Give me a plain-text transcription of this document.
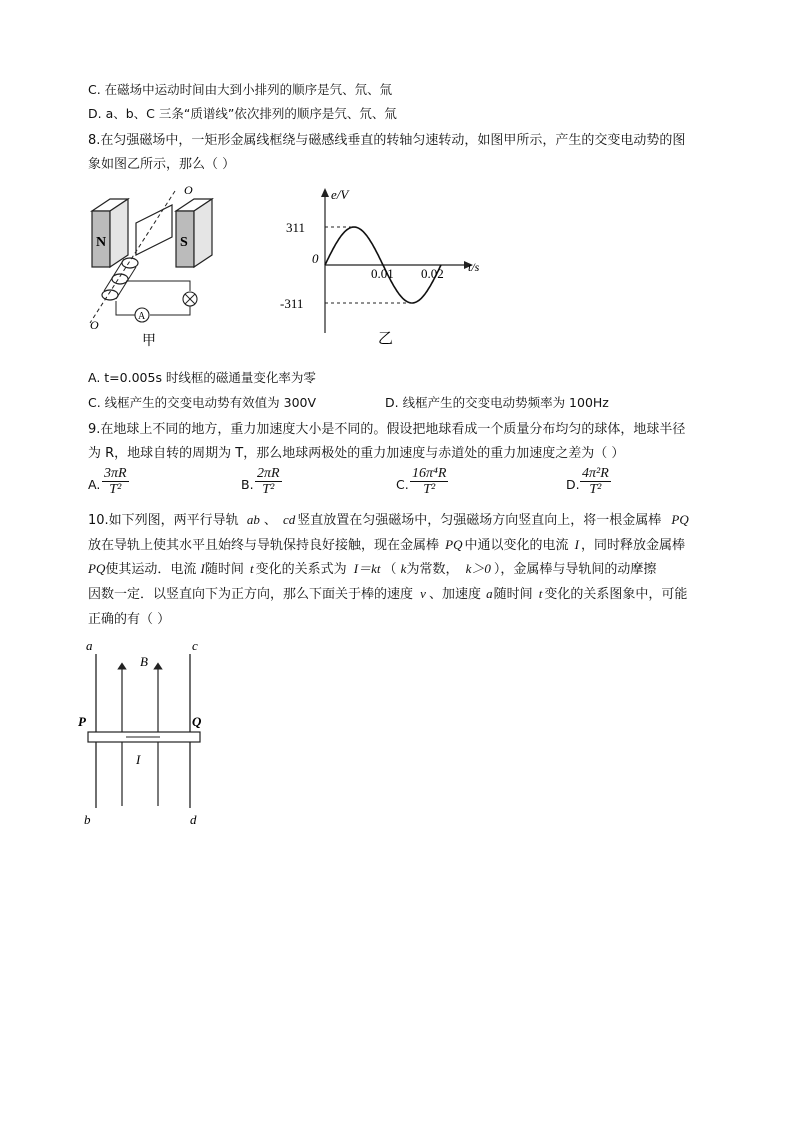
C. 在磁场中运动时间由大到小排列的顺序是氕、氘、氚
D. a、b、C 三条“质谱线”依次排列的顺序是氕、氘、氚
8.在匀强磁场中，一矩形金属线框绕与磁感线垂直的转轴匀速转动，如图甲所示，产生的交变电动势的图
象如图乙所示，那么（ ）
N	S
O
O
A
甲
e/V
311
-311
0
0.01 0.02 t/s
乙
A. t=0.005s 时线框的磁通量变化率为零
C. 线框产生的交变电动势有效值为 300V	D. 线框产生的交变电动势频率为 100Hz
9.在地球上不同的地方，重力加速度大小是不同的。假设把地球看成一个质量分布均匀的球体，地球半径
为 R，地球自转的周期为 T，那么地球两极处的重力加速度与赤道处的重力加速度之差为（ ）
A. $\frac{3\pi R}{\text{T²}}$	B. $\frac{2\pi R}{\text{T²}}$	C. $\frac{\text{16π⁴R}}{\text{T²}}$	D. $\frac{\text{4π²R}}{\text{T²}}$
10.如下列图，两平行导轨 ab 、 cd 竖直放置在匀强磁场中，匀强磁场方向竖直向上，将一根金属棒 PQ
放在导轨上使其水平且始终与导轨保持良好接触，现在金属棒 PQ 中通以变化的电流 I ，同时释放金属棒
PQ使其运动．电流 I随时间 t 变化的关系式为 I＝kt （ k为常数， k＞0 ），金属棒与导轨间的动摩擦
因数一定．以竖直向下为正方向，那么下面关于棒的速度 v 、加速度 a随时间 t 变化的关系图象中，可能
正确的有（ ）
a	c
b	d
B
P	Q
I
